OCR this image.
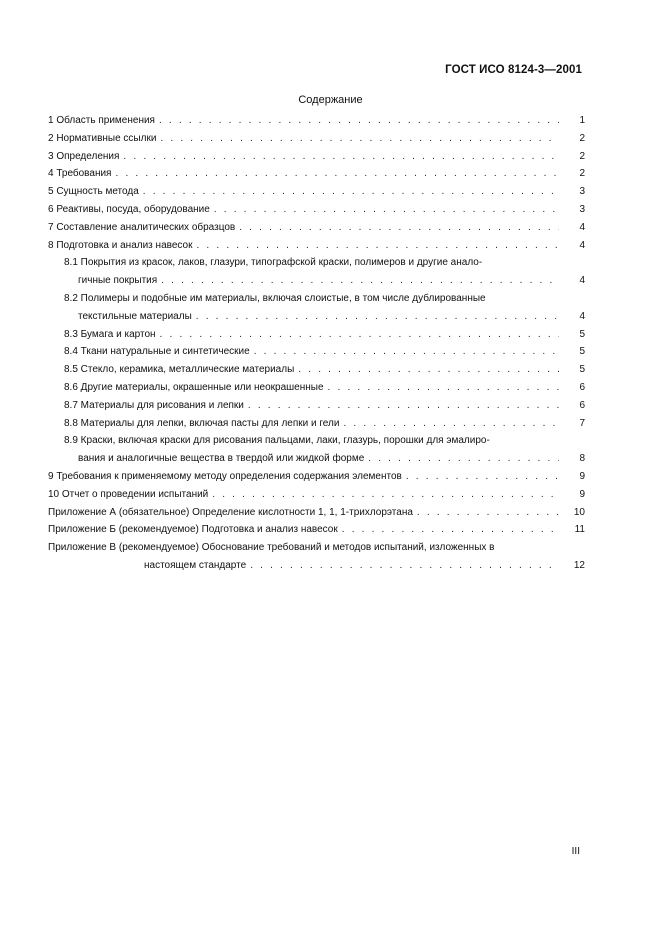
ГОСТ ИСО 8124-3—2001
Содержание
1 Область применения . . .	1
2 Нормативные ссылки . . .	2
3 Определения . . .	2
4 Требования . . .	2
5 Сущность метода . . .	3
6 Реактивы, посуда, оборудование . . .	3
7 Составление аналитических образцов . . .	4
8 Подготовка и анализ навесок . . .	4
8.1 Покрытия из красок, лаков, глазури, типографской краски, полимеров и другие анало-
гичные покрытия . . .	4
8.2 Полимеры и подобные им материалы, включая слоистые, в том числе дублированные
текстильные материалы . . .	4
8.3 Бумага и картон . . .	5
8.4 Ткани натуральные и синтетические . . .	5
8.5 Стекло, керамика, металлические материалы . . .	5
8.6 Другие материалы, окрашенные или неокрашенные . . .	6
8.7 Материалы для рисования и лепки . . .	6
8.8 Материалы для лепки, включая пасты для лепки и гели . . .	7
8.9 Краски, включая краски для рисования пальцами, лаки, глазурь, порошки для эмалиро-
вания и аналогичные вещества в твердой или жидкой форме . . .	8
9 Требования к применяемому методу определения содержания элементов . . .	9
10 Отчет о проведении испытаний . . .	9
Приложение А (обязательное) Определение кислотности 1, 1, 1-трихлорэтана . . .	10
Приложение Б (рекомендуемое) Подготовка и анализ навесок . . .	11
Приложение В (рекомендуемое) Обоснование требований и методов испытаний, изложенных в
настоящем стандарте . . .	12
III
